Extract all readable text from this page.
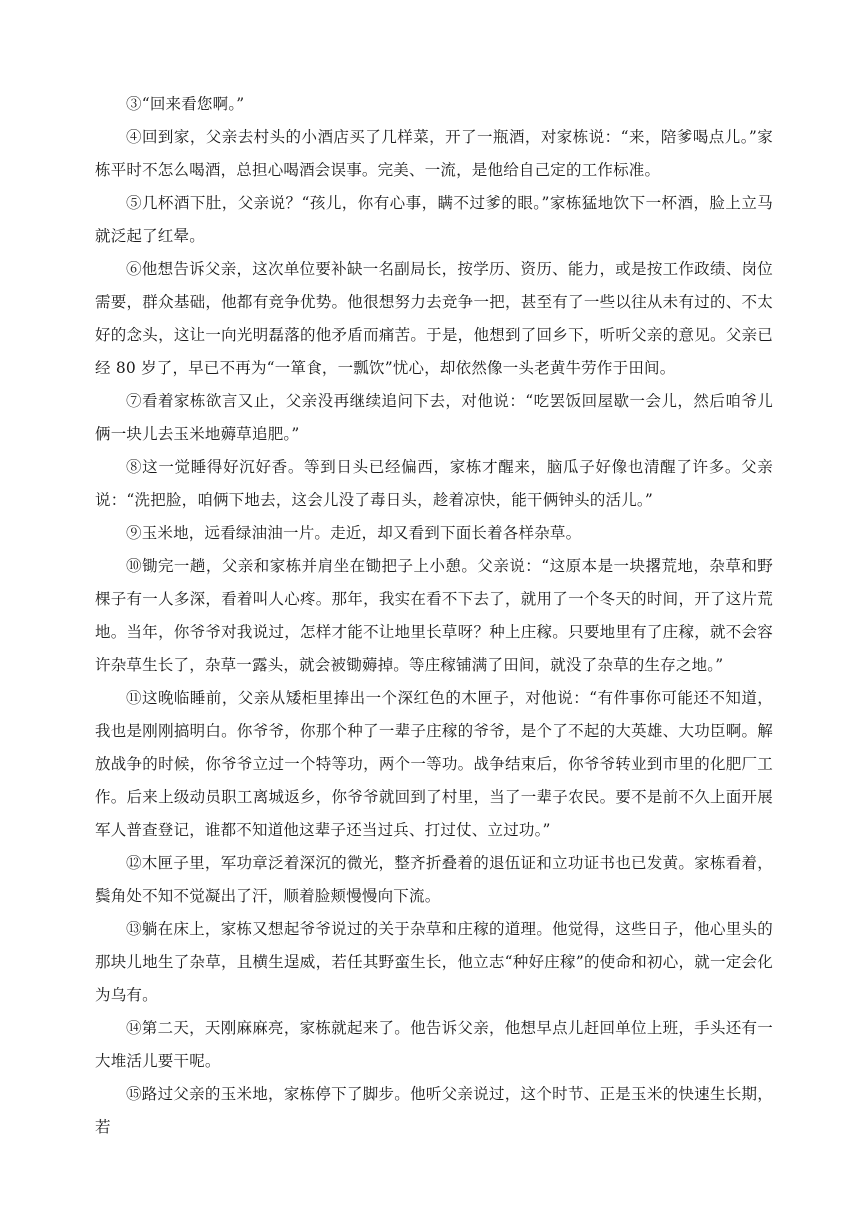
③“回来看您啊。”

④回到家，父亲去村头的小酒店买了几样菜，开了一瓶酒，对家栋说：“来，陪爹喝点儿。”家栋平时不怎么喝酒，总担心喝酒会误事。完美、一流，是他给自己定的工作标准。

⑤几杯酒下肚，父亲说？“孩儿，你有心事，瞒不过爹的眼。”家栋猛地饮下一杯酒，脸上立马就泛起了红晕。

⑥他想告诉父亲，这次单位要补缺一名副局长，按学历、资历、能力，或是按工作政绩、岗位需要，群众基础，他都有竞争优势。他很想努力去竞争一把，甚至有了一些以往从未有过的、不太好的念头，这让一向光明磊落的他矛盾而痛苦。于是，他想到了回乡下，听听父亲的意见。父亲已经 80 岁了，早已不再为“一箪食，一瓢饮”忧心，却依然像一头老黄牛劳作于田间。

⑦看着家栋欲言又止，父亲没再继续追问下去，对他说：“吃罢饭回屋歇一会儿，然后咱爷儿俩一块儿去玉米地薅草追肥。”

⑧这一觉睡得好沉好香。等到日头已经偏西，家栋才醒来，脑瓜子好像也清醒了许多。父亲说：“洗把脸，咱俩下地去，这会儿没了毒日头，趁着凉快，能干俩钟头的活儿。”

⑨玉米地，远看绿油油一片。走近，却又看到下面长着各样杂草。

⑩锄完一趟，父亲和家栋并肩坐在锄把子上小憩。父亲说：“这原本是一块撂荒地，杂草和野棵子有一人多深，看着叫人心疼。那年，我实在看不下去了，就用了一个冬天的时间，开了这片荒地。当年，你爷爷对我说过，怎样才能不让地里长草呀？种上庄稼。只要地里有了庄稼，就不会容许杂草生长了，杂草一露头，就会被锄薅掉。等庄稼铺满了田间，就没了杂草的生存之地。”

⑪这晚临睡前，父亲从矮柜里捧出一个深红色的木匣子，对他说：“有件事你可能还不知道，我也是刚刚搞明白。你爷爷，你那个种了一辈子庄稼的爷爷，是个了不起的大英雄、大功臣啊。解放战争的时候，你爷爷立过一个特等功，两个一等功。战争结束后，你爷爷转业到市里的化肥厂工作。后来上级动员职工离城返乡，你爷爷就回到了村里，当了一辈子农民。要不是前不久上面开展军人普查登记，谁都不知道他这辈子还当过兵、打过仗、立过功。”

⑫木匣子里，军功章泛着深沉的微光，整齐折叠着的退伍证和立功证书也已发黄。家栋看着，鬓角处不知不觉凝出了汗，顺着脸颊慢慢向下流。

⑬躺在床上，家栋又想起爷爷说过的关于杂草和庄稼的道理。他觉得，这些日子，他心里头的那块儿地生了杂草，且横生逞威，若任其野蛮生长，他立志“种好庄稼”的使命和初心，就一定会化为乌有。

⑭第二天，天刚麻麻亮，家栋就起来了。他告诉父亲，他想早点儿赶回单位上班，手头还有一大堆活儿要干呢。

⑮路过父亲的玉米地，家栋停下了脚步。他听父亲说过，这个时节、正是玉米的快速生长期，若
